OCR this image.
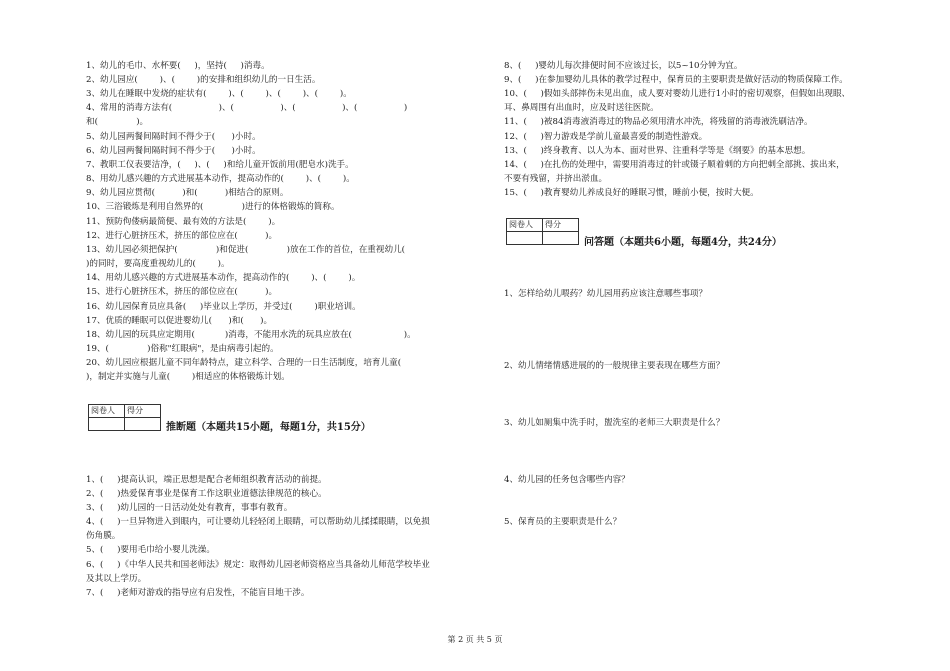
1、幼儿的毛巾、水杯要(     )，坚持(     )消毒。
2、幼儿园应(        )、(        )的安排和组织幼儿的一日生活。
3、幼儿在睡眠中发烧的症状有(        )、(        )、(        )、(        )。
4、常用的消毒方法有(                 )、(                 )、(                 )、(                 )
和(              )。
5、幼儿园两餐间隔时间不得少于(      )小时。
6、幼儿园两餐间隔时间不得少于(      )小时。
7、教职工仪表要洁净，(     )、(     )和给儿童开饭前用(肥皂水)洗手。
8、用幼儿感兴趣的方式进展基本动作，提高动作的(        )、(        )。
9、幼儿园应贯彻(          )和(          )相结合的原则。
10、三浴锻炼是利用自然界的(              )进行的体格锻炼的简称。
11、预防佝偻病最简便、最有效的方法是(        )。
12、进行心脏挤压术，挤压的部位应在(          )。
13、幼儿园必须把保护(              )和促进(              )放在工作的首位，在重视幼儿(
)的同时，要高度重视幼儿的(        )。
14、用幼儿感兴趣的方式进展基本动作，提高动作的(        )、(        )。
15、进行心脏挤压术，挤压的部位应在(          )。
16、幼儿园保育员应具备(     )毕业以上学历，并受过(        )职业培训。
17、优质的睡眠可以促进婴幼儿(      )和(      )。
18、幼儿园的玩具应定期用(           )消毒，不能用水洗的玩具应放在(                   )。
19、(              )俗称"红眼病"，是由病毒引起的。
20、幼儿园应根据儿童不同年龄特点，建立科学、合理的一日生活制度，培育儿童(
)，制定并实施与儿童(        )相适应的体格锻炼计划。
阅卷人	得分

推断题（本题共15小题，每题1分，共15分）
1、(     )提高认识，端正思想是配合老师组织教育活动的前提。
2、(     )热爱保育事业是保育工作这职业道德法律规范的核心。
3、(     )幼儿园的一日活动处处有教育，事事有教育。
4、(     )一旦异物进入到眼内，可让婴幼儿轻轻闭上眼睛，可以帮助幼儿揉揉眼睛，以免损
伤角膜。
5、(     )要用毛巾给小婴儿洗澡。
6、(     )《中华人民共和国老师法》规定：取得幼儿园老师资格应当具备幼儿师范学校毕业
及其以上学历。
7、(     )老师对游戏的指导应有启发性，不能盲目地干涉。
8、(     )婴幼儿每次排便时间不应该过长，以5~10分钟为宜。
9、(     )在参加婴幼儿具体的教学过程中，保育员的主要职责是做好活动的物质保障工作。
10、(     )假如头部摔伤未见出血，成人要对婴幼儿进行1小时的密切观察，但假如出现眼、
耳、鼻周围有出血时，应及时送往医院。
11、(     )被84消毒液消毒过的物品必须用清水冲洗，将残留的消毒液洗刷洁净。
12、(     )智力游戏是学前儿童最喜爱的制造性游戏。
13、(     )终身教育、以人为本、面对世界、注重科学等是《纲要》的基本思想。
14、(     )在扎伤的处理中，需要用消毒过的针或镊子顺着刺的方向把刺全部挑、拔出来，
不要有残留，并挤出淤血。
15、(     )教育婴幼儿养成良好的睡眠习惯，睡前小便，按时大便。
阅卷人	得分

问答题（本题共6小题，每题4分，共24分）
1、怎样给幼儿喂药？幼儿园用药应该注意哪些事项？
2、幼儿情绪情感进展的的一般规律主要表现在哪些方面？
3、幼儿如厕集中洗手时，盥洗室的老师三大职责是什么？
4、幼儿园的任务包含哪些内容？
5、保育员的主要职责是什么？
第 2 页 共 5 页
